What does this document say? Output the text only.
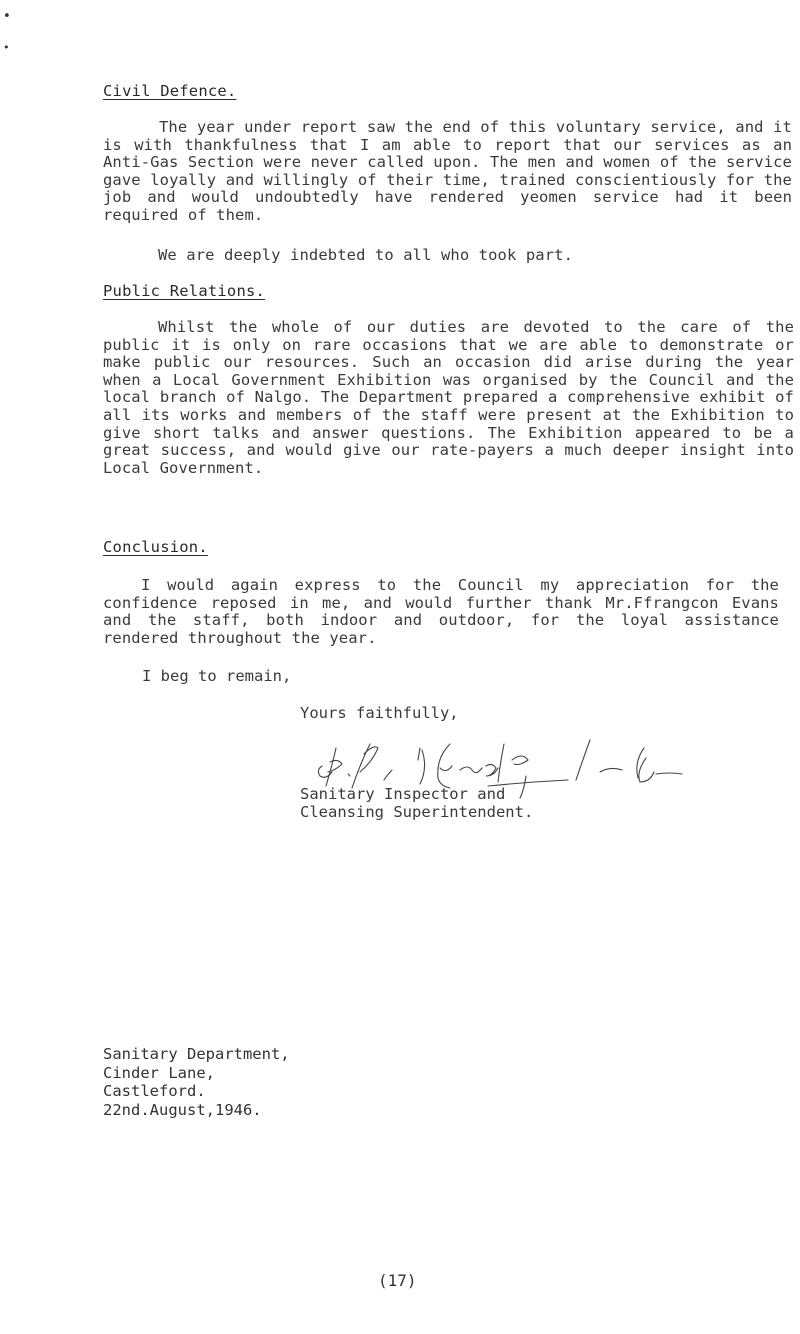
•
•
Civil Defence.
The year under report saw the end of this voluntary service, and it is with thankfulness that I am able to report that our services as an Anti-Gas Section were never called upon. The men and women of the service gave loyally and willingly of their time, trained conscientiously for the job and would undoubtedly have rendered yeomen service had it been required of them.
We are deeply indebted to all who took part.
Public Relations.
Whilst the whole of our duties are devoted to the care of the public it is only on rare occasions that we are able to demonstrate or make public our resources. Such an occasion did arise during the year when a Local Government Exhibition was organised by the Council and the local branch of Nalgo. The Department prepared a comprehensive exhibit of all its works and members of the staff were present at the Exhibition to give short talks and answer questions. The Exhibition appeared to be a great success, and would give our rate-payers a much deeper insight into Local Government.
Conclusion.
I would again express to the Council my appreciation for the confidence reposed in me, and would further thank Mr.Ffrangcon Evans and the staff, both indoor and outdoor, for the loyal assistance rendered throughout the year.
I beg to remain,
Yours faithfully,
Sanitary Inspector and
Cleansing Superintendent.
Sanitary Department,
Cinder Lane,
Castleford.
22nd.August,1946.
(17)
